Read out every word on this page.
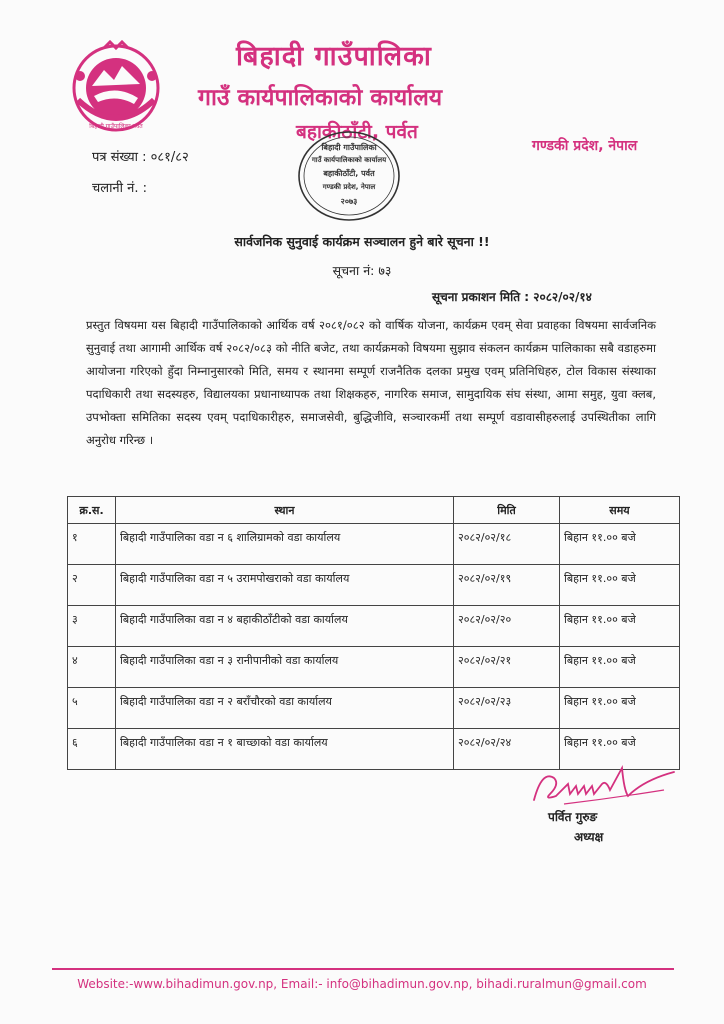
बिहादी गाउँपालिका पर्वत
बिहादी गाउँपालिका
गाउँ कार्यपालिकाको कार्यालय
बहाकीठाँटी, पर्वत
गण्डकी प्रदेश, नेपाल
बिहादी गाउँपालिका
गाउँ कार्यपालिकाको कार्यालय
बहाकीठाँटी, पर्वत
गण्डकी प्रदेश, नेपाल
२०७३
पत्र संख्या : ०८१/८२
चलानी नं. :
सार्वजनिक सुनुवाई कार्यक्रम सञ्चालन हुने बारे सूचना !!
सूचना नं: ७३
सूचना प्रकाशन मिति : २०८२/०२/१४
प्रस्तुत विषयमा यस बिहादी गाउँपालिकाको आर्थिक वर्ष २०८१/०८२ को वार्षिक योजना, कार्यक्रम एवम् सेवा प्रवाहका विषयमा सार्वजनिक सुनुवाई तथा आगामी आर्थिक वर्ष २०८२/०८३ को नीति बजेट, तथा कार्यक्रमको विषयमा सुझाव संकलन कार्यक्रम पालिकाका सबै वडाहरुमा आयोजना गरिएको हुँदा निम्नानुसारको मिति, समय र स्थानमा सम्पूर्ण राजनैतिक दलका प्रमुख एवम् प्रतिनिधिहरु, टोल विकास संस्थाका पदाधिकारी तथा सदस्यहरु, विद्यालयका प्रधानाध्यापक तथा शिक्षकहरु, नागरिक समाज, सामुदायिक संघ संस्था, आमा समुह, युवा क्लब, उपभोक्ता समितिका सदस्य एवम् पदाधिकारीहरु, समाजसेवी, बुद्धिजीवि, सञ्चारकर्मी तथा सम्पूर्ण वडावासीहरुलाई उपस्थितीका लागि अनुरोध गरिन्छ ।
क्र.स.	स्थान	मिति	समय
१	बिहादी गाउँपालिका वडा न ६ शालिग्रामको वडा कार्यालय	२०८२/०२/१८	बिहान ११.०० बजे
२	बिहादी गाउँपालिका वडा न ५ उरामपोखराको वडा कार्यालय	२०८२/०२/१९	बिहान ११.०० बजे
३	बिहादी गाउँपालिका वडा न ४ बहाकीठाँटीको वडा कार्यालय	२०८२/०२/२०	बिहान ११.०० बजे
४	बिहादी गाउँपालिका वडा न ३ रानीपानीको वडा कार्यालय	२०८२/०२/२१	बिहान ११.०० बजे
५	बिहादी गाउँपालिका वडा न २ बराँचौरको वडा कार्यालय	२०८२/०२/२३	बिहान ११.०० बजे
६	बिहादी गाउँपालिका वडा न १ बाच्छाको वडा कार्यालय	२०८२/०२/२४	बिहान ११.०० बजे
पर्वित गुरुङ
अध्यक्ष
Website:-www.bihadimun.gov.np, Email:- info@bihadimun.gov.np, bihadi.ruralmun@gmail.com
